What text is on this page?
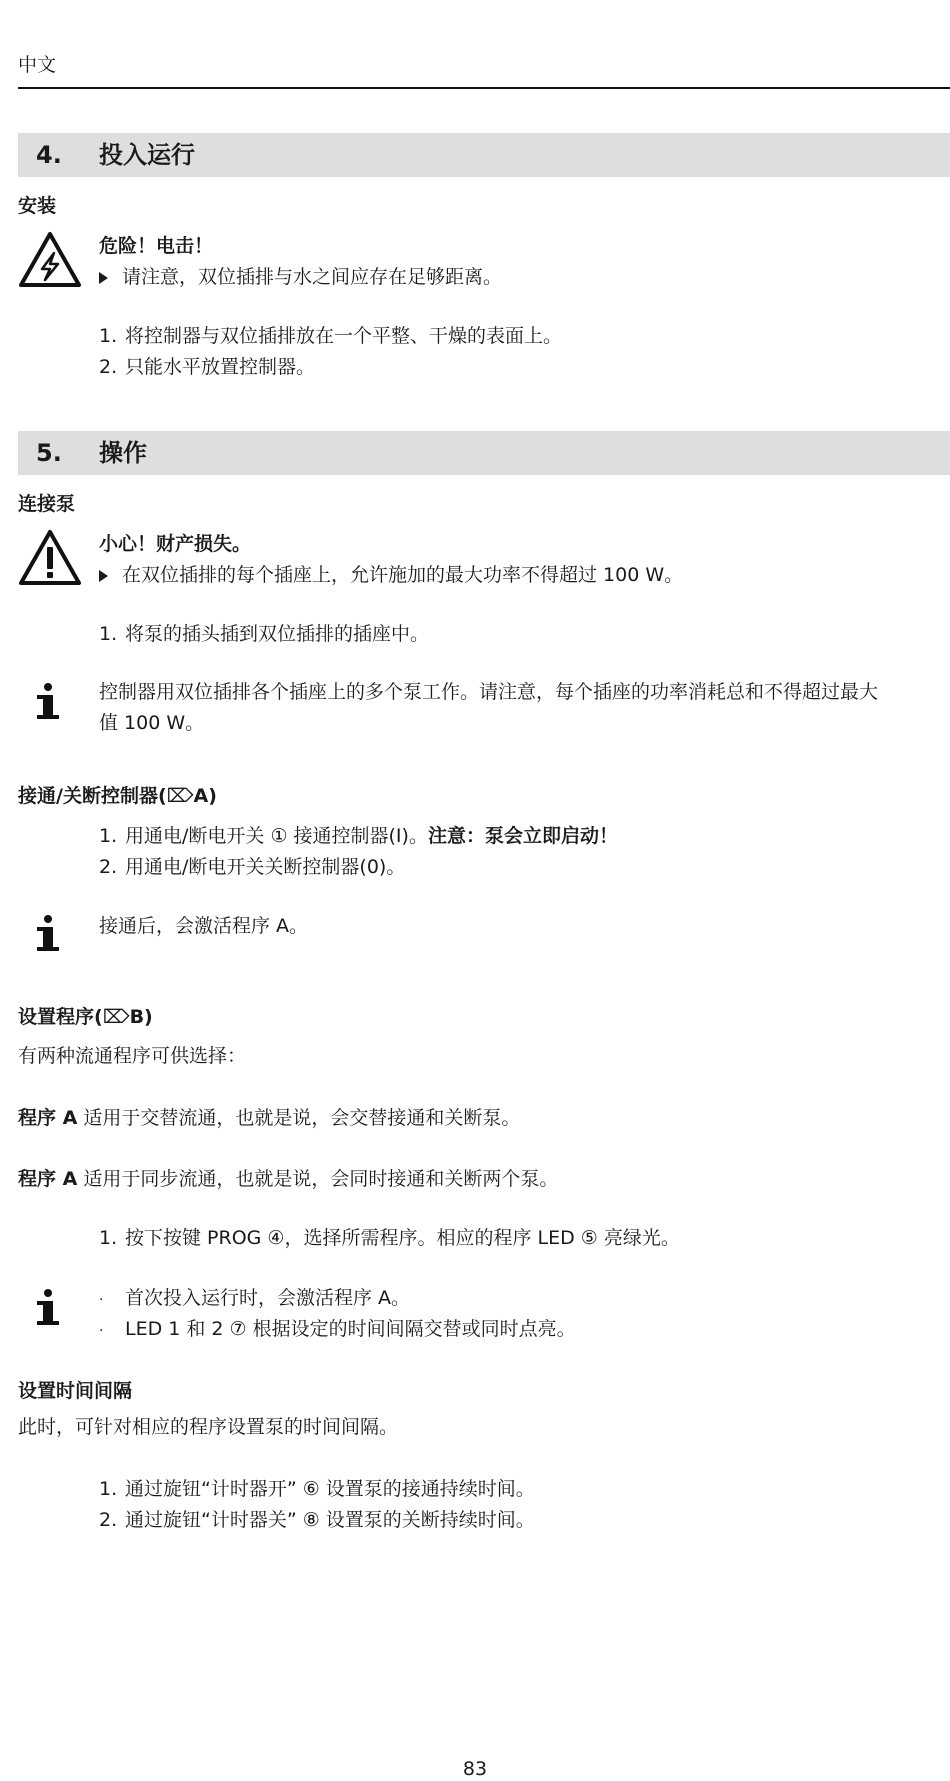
中文
4. 投入运行
安装
危险！电击！
请注意，双位插排与水之间应存在足够距离。
1. 将控制器与双位插排放在一个平整、干燥的表面上。
2. 只能水平放置控制器。
5. 操作
连接泵
小心！财产损失。
在双位插排的每个插座上，允许施加的最大功率不得超过 100 W。
1. 将泵的插头插到双位插排的插座中。
控制器用双位插排各个插座上的多个泵工作。请注意，每个插座的功率消耗总和不得超过最大
值 100 W。
接通/关断控制器(⌦A)
1. 用通电/断电开关 ① 接通控制器(I)。注意：泵会立即启动！
2. 用通电/断电开关关断控制器(0)。
接通后，会激活程序 A。
设置程序(⌦B)
有两种流通程序可供选择：
程序 A 适用于交替流通，也就是说，会交替接通和关断泵。
程序 A 适用于同步流通，也就是说，会同时接通和关断两个泵。
1. 按下按键 PROG ④，选择所需程序。相应的程序 LED ⑤ 亮绿光。
· 首次投入运行时，会激活程序 A。
· LED 1 和 2 ⑦ 根据设定的时间间隔交替或同时点亮。
设置时间间隔
此时，可针对相应的程序设置泵的时间间隔。
1. 通过旋钮“计时器开” ⑥ 设置泵的接通持续时间。
2. 通过旋钮“计时器关” ⑧ 设置泵的关断持续时间。
83
